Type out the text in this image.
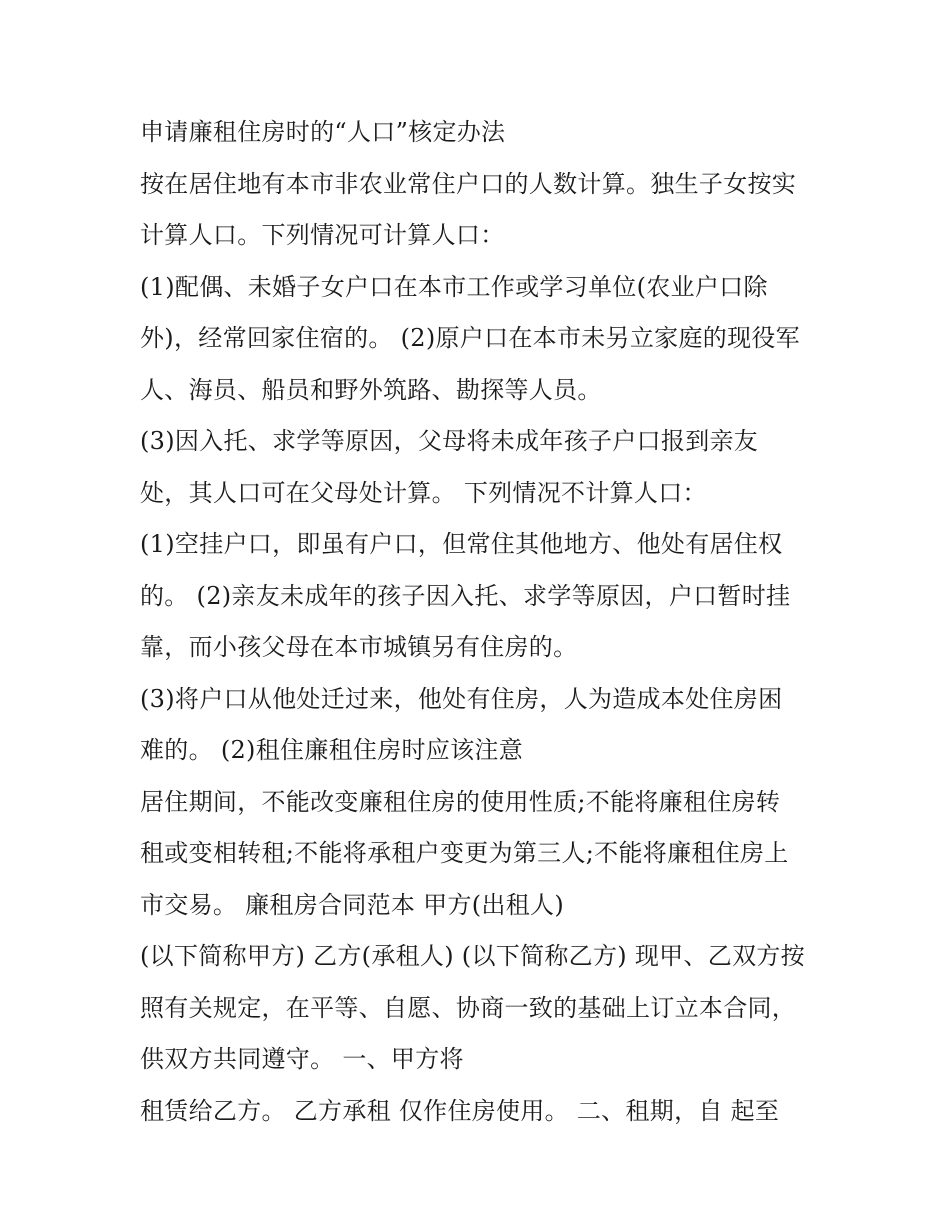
申请廉租住房时的“人口”核定办法
按在居住地有本市非农业常住户口的人数计算。独生子女按实
计算人口。下列情况可计算人口：
(1)配偶、未婚子女户口在本市工作或学习单位(农业户口除
外)，经常回家住宿的。 (2)原户口在本市未另立家庭的现役军
人、海员、船员和野外筑路、勘探等人员。
(3)因入托、求学等原因，父母将未成年孩子户口报到亲友
处，其人口可在父母处计算。 下列情况不计算人口：
(1)空挂户口，即虽有户口，但常住其他地方、他处有居住权
的。 (2)亲友未成年的孩子因入托、求学等原因，户口暂时挂
靠，而小孩父母在本市城镇另有住房的。
(3)将户口从他处迁过来，他处有住房，人为造成本处住房困
难的。 (2)租住廉租住房时应该注意
居住期间，不能改变廉租住房的使用性质;不能将廉租住房转
租或变相转租;不能将承租户变更为第三人;不能将廉租住房上
市交易。 廉租房合同范本 甲方(出租人)
(以下简称甲方) 乙方(承租人) (以下简称乙方) 现甲、乙双方按
照有关规定，在平等、自愿、协商一致的基础上订立本合同，
供双方共同遵守。 一、甲方将
租赁给乙方。 乙方承租 仅作住房使用。 二、租期，自 起至
